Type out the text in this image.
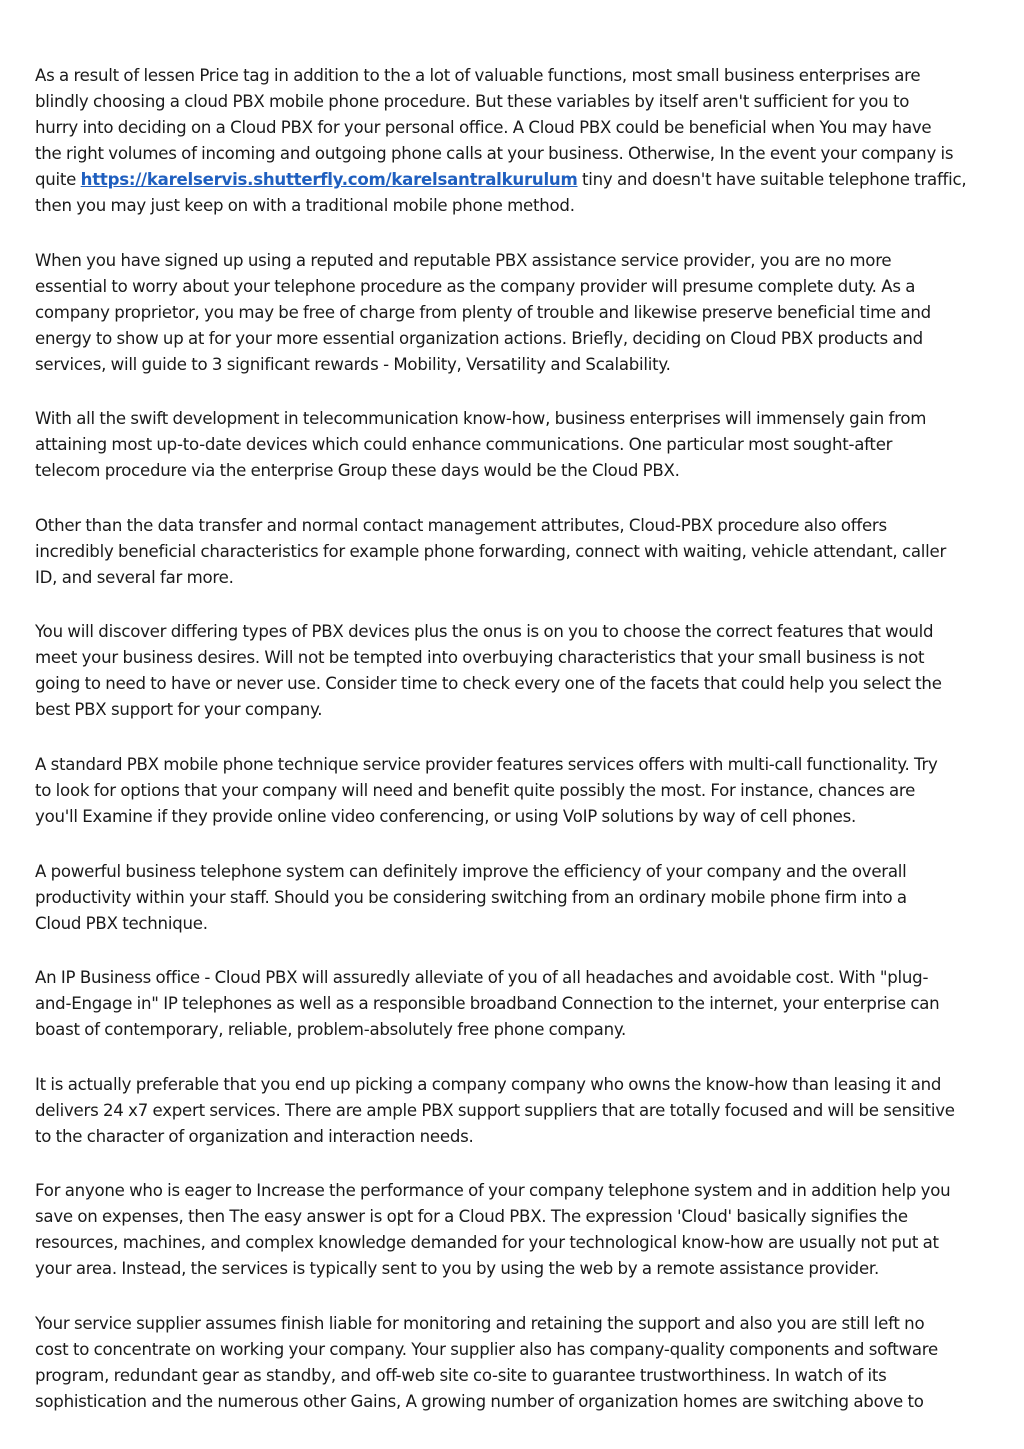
As a result of lessen Price tag in addition to the a lot of valuable functions, most small business enterprises are
blindly choosing a cloud PBX mobile phone procedure. But these variables by itself aren't sufficient for you to
hurry into deciding on a Cloud PBX for your personal office. A Cloud PBX could be beneficial when You may have
the right volumes of incoming and outgoing phone calls at your business. Otherwise, In the event your company is
quite https://karelservis.shutterfly.com/karelsantralkurulum tiny and doesn't have suitable telephone traffic,
then you may just keep on with a traditional mobile phone method.

When you have signed up using a reputed and reputable PBX assistance service provider, you are no more
essential to worry about your telephone procedure as the company provider will presume complete duty. As a
company proprietor, you may be free of charge from plenty of trouble and likewise preserve beneficial time and
energy to show up at for your more essential organization actions. Briefly, deciding on Cloud PBX products and
services, will guide to 3 significant rewards - Mobility, Versatility and Scalability.

With all the swift development in telecommunication know-how, business enterprises will immensely gain from
attaining most up-to-date devices which could enhance communications. One particular most sought-after
telecom procedure via the enterprise Group these days would be the Cloud PBX.

Other than the data transfer and normal contact management attributes, Cloud-PBX procedure also offers
incredibly beneficial characteristics for example phone forwarding, connect with waiting, vehicle attendant, caller
ID, and several far more.

You will discover differing types of PBX devices plus the onus is on you to choose the correct features that would
meet your business desires. Will not be tempted into overbuying characteristics that your small business is not
going to need to have or never use. Consider time to check every one of the facets that could help you select the
best PBX support for your company.

A standard PBX mobile phone technique service provider features services offers with multi-call functionality. Try
to look for options that your company will need and benefit quite possibly the most. For instance, chances are
you'll Examine if they provide online video conferencing, or using VoIP solutions by way of cell phones.

A powerful business telephone system can definitely improve the efficiency of your company and the overall
productivity within your staff. Should you be considering switching from an ordinary mobile phone firm into a
Cloud PBX technique.

An IP Business office - Cloud PBX will assuredly alleviate of you of all headaches and avoidable cost. With "plug-
and-Engage in" IP telephones as well as a responsible broadband Connection to the internet, your enterprise can
boast of contemporary, reliable, problem-absolutely free phone company.

It is actually preferable that you end up picking a company company who owns the know-how than leasing it and
delivers 24 x7 expert services. There are ample PBX support suppliers that are totally focused and will be sensitive
to the character of organization and interaction needs.

For anyone who is eager to Increase the performance of your company telephone system and in addition help you
save on expenses, then The easy answer is opt for a Cloud PBX. The expression 'Cloud' basically signifies the
resources, machines, and complex knowledge demanded for your technological know-how are usually not put at
your area. Instead, the services is typically sent to you by using the web by a remote assistance provider.

Your service supplier assumes finish liable for monitoring and retaining the support and also you are still left no
cost to concentrate on working your company. Your supplier also has company-quality components and software
program, redundant gear as standby, and off-web site co-site to guarantee trustworthiness. In watch of its
sophistication and the numerous other Gains, A growing number of organization homes are switching above to
